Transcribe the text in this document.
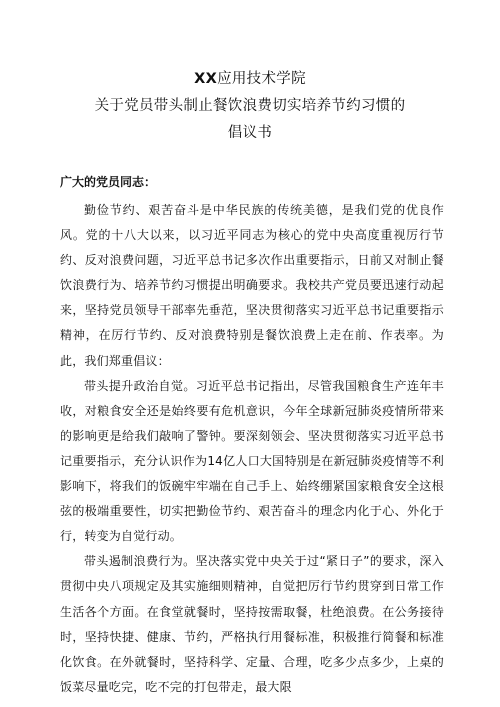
XX应用技术学院
关于党员带头制止餐饮浪费切实培养节约习惯的
倡议书
广大的党员同志：

勤俭节约、艰苦奋斗是中华民族的传统美德，是我们党的优良作风。党的十八大以来，以习近平同志为核心的党中央高度重视厉行节约、反对浪费问题，习近平总书记多次作出重要指示，日前又对制止餐饮浪费行为、培养节约习惯提出明确要求。我校共产党员要迅速行动起来，坚持党员领导干部率先垂范，坚决贯彻落实习近平总书记重要指示精神，在厉行节约、反对浪费特别是餐饮浪费上走在前、作表率。为此，我们郑重倡议：

带头提升政治自觉。习近平总书记指出，尽管我国粮食生产连年丰收，对粮食安全还是始终要有危机意识，今年全球新冠肺炎疫情所带来的影响更是给我们敲响了警钟。要深刻领会、坚决贯彻落实习近平总书记重要指示，充分认识作为14亿人口大国特别是在新冠肺炎疫情等不利影响下，将我们的饭碗牢牢端在自己手上、始终绷紧国家粮食安全这根弦的极端重要性，切实把勤俭节约、艰苦奋斗的理念内化于心、外化于行，转变为自觉行动。

带头遏制浪费行为。坚决落实党中央关于过“紧日子”的要求，深入贯彻中央八项规定及其实施细则精神，自觉把厉行节约贯穿到日常工作生活各个方面。在食堂就餐时，坚持按需取餐，杜绝浪费。在公务接待时，坚持快捷、健康、节约，严格执行用餐标准，积极推行简餐和标准化饮食。在外就餐时，坚持科学、定量、合理，吃多少点多少，上桌的饭菜尽量吃完，吃不完的打包带走，最大限
